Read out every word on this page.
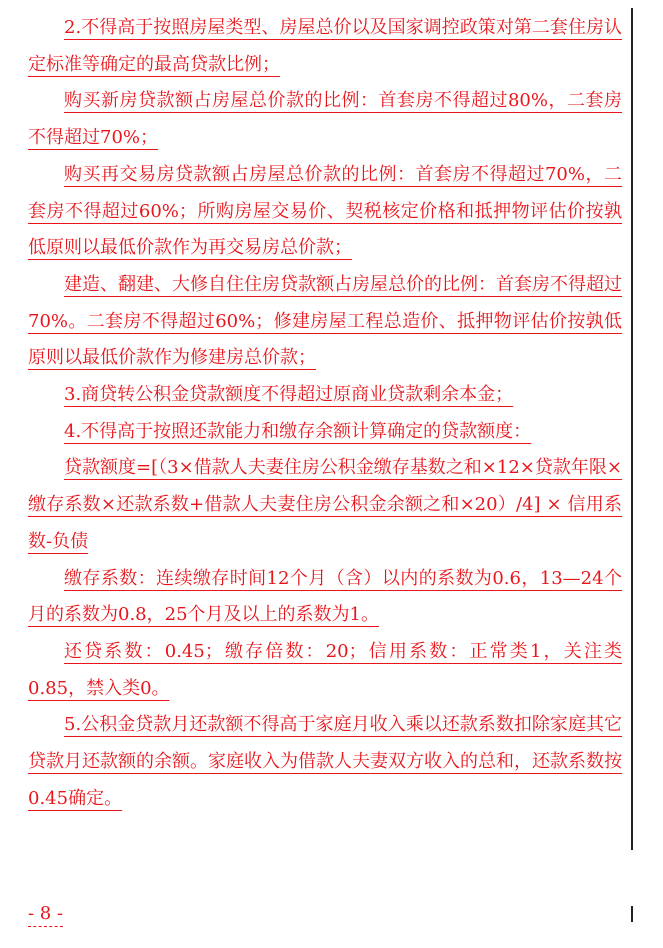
2.不得高于按照房屋类型、房屋总价以及国家调控政策对第二套住房认定标准等确定的最高贷款比例；

购买新房贷款额占房屋总价款的比例：首套房不得超过80%，二套房不得超过70%；

购买再交易房贷款额占房屋总价款的比例：首套房不得超过70%，二套房不得超过60%；所购房屋交易价、契税核定价格和抵押物评估价按孰低原则以最低价款作为再交易房总价款；

建造、翻建、大修自住住房贷款额占房屋总价的比例：首套房不得超过70%。二套房不得超过60%；修建房屋工程总造价、抵押物评估价按孰低原则以最低价款作为修建房总价款；

3.商贷转公积金贷款额度不得超过原商业贷款剩余本金；

4.不得高于按照还款能力和缴存余额计算确定的贷款额度：

贷款额度=[（3×借款人夫妻住房公积金缴存基数之和×12×贷款年限×缴存系数×还款系数+借款人夫妻住房公积金余额之和×20）/4] × 信用系数-负债

缴存系数：连续缴存时间12个月（含）以内的系数为0.6，13—24个月的系数为0.8，25个月及以上的系数为1。

还贷系数：0.45；缴存倍数：20；信用系数：正常类1，关注类0.85，禁入类0。

5.公积金贷款月还款额不得高于家庭月收入乘以还款系数扣除家庭其它贷款月还款额的余额。家庭收入为借款人夫妻双方收入的总和，还款系数按0.45确定。

- 8 -
